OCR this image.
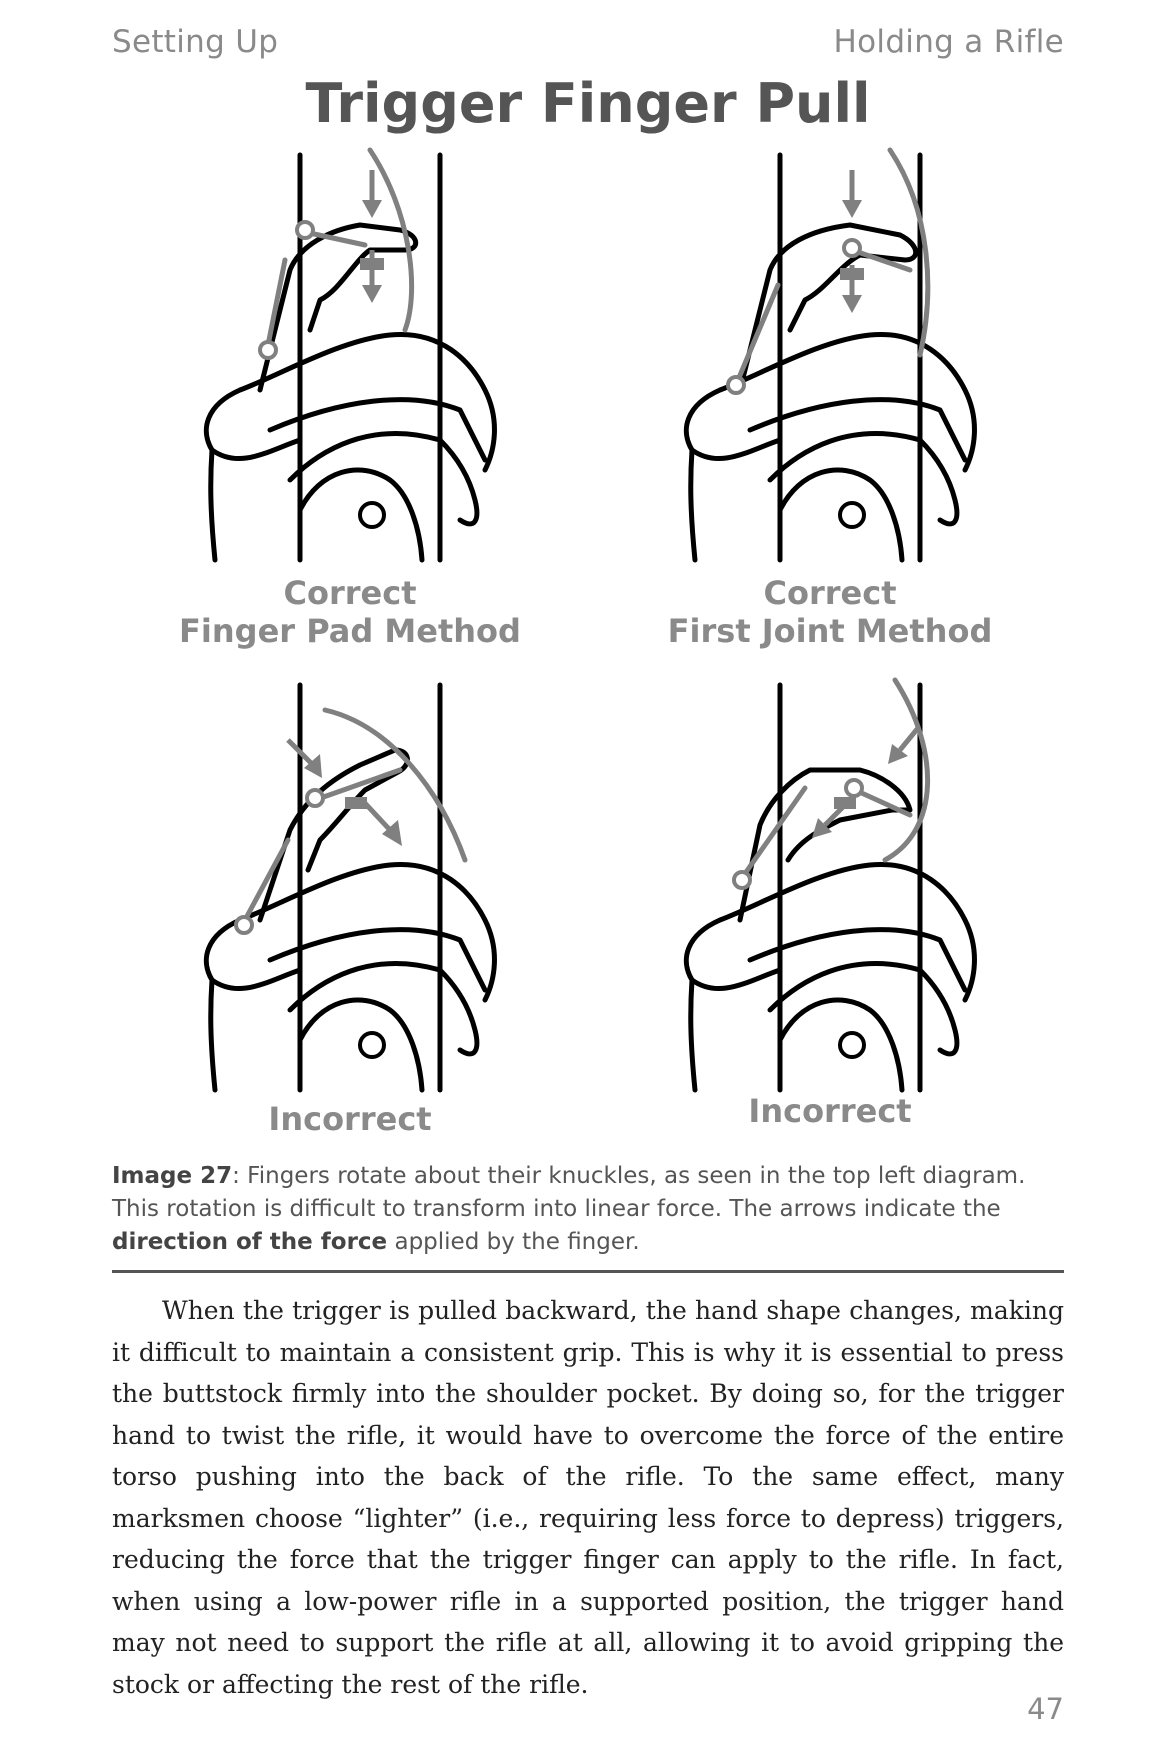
Setting Up	Holding a Rifle
Trigger Finger Pull
Correct
Finger Pad Method
Correct
First Joint Method
Incorrect	Incorrect
Image 27: Fingers rotate about their knuckles, as seen in the top left diagram. This rotation is difficult to transform into linear force. The arrows indicate the direction of the force applied by the finger.

When the trigger is pulled backward, the hand shape changes, making it difficult to maintain a consistent grip. This is why it is essential to press the buttstock firmly into the shoulder pocket. By doing so, for the trigger hand to twist the rifle, it would have to overcome the force of the entire torso pushing into the back of the rifle. To the same effect, many marksmen choose “lighter” (i.e., requiring less force to depress) triggers, reducing the force that the trigger finger can apply to the rifle. In fact, when using a low-power rifle in a supported position, the trigger hand may not need to support the rifle at all, allowing it to avoid gripping the stock or affecting the rest of the rifle.

47
